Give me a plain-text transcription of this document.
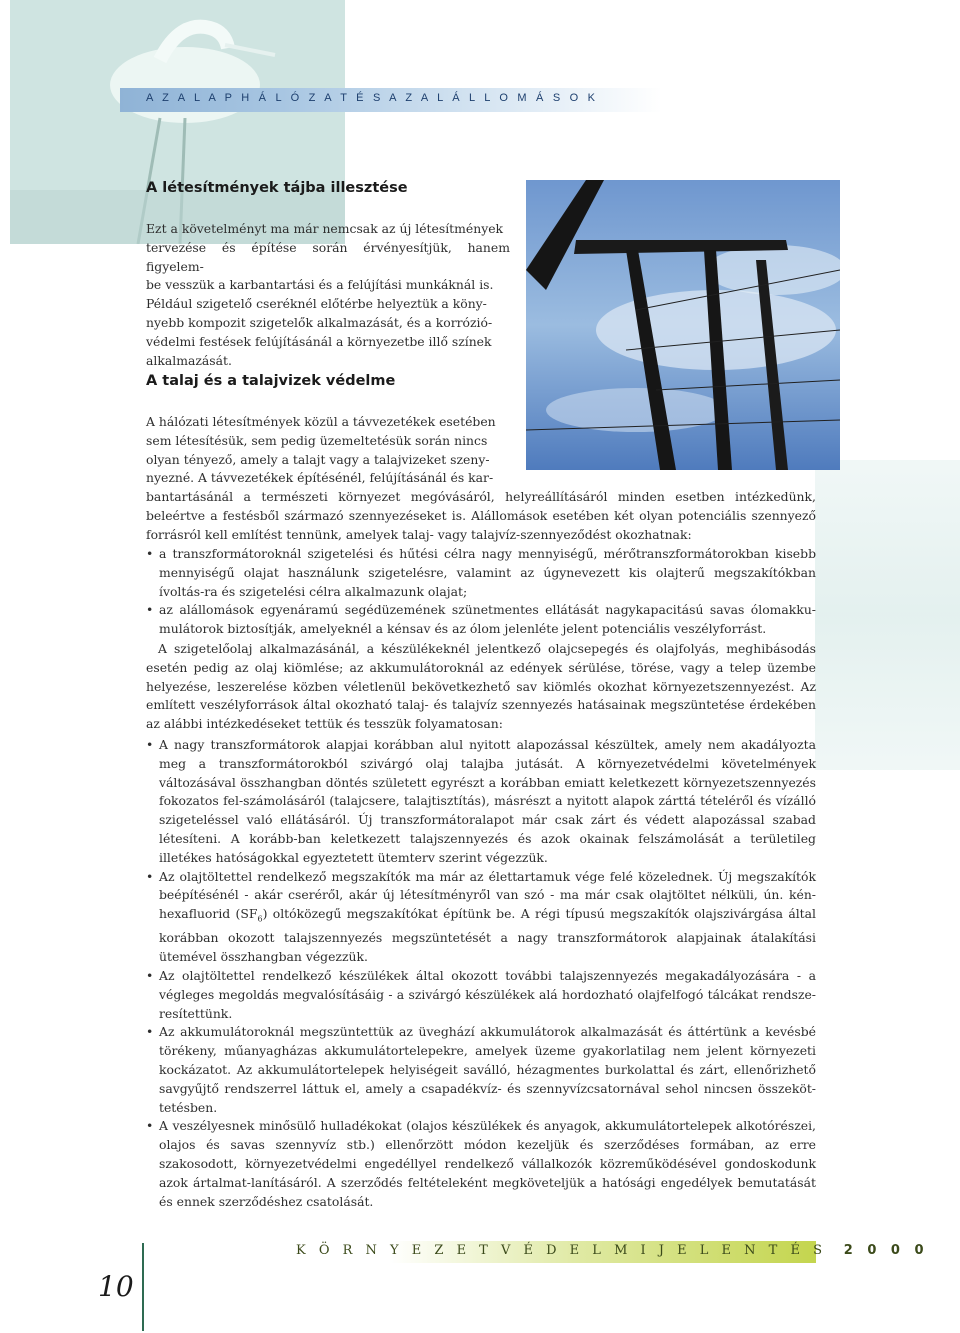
A Z A L A P H Á L Ó Z A T É S A Z A L Á L L O M Á S O K
A létesítmények tájba illesztése
Ezt a követelményt ma már nemcsak az új létesítmények
tervezése és építése során érvényesítjük, hanem figyelem-
be vesszük a karbantartási és a felújítási munkáknál is.
Például szigetelő cseréknél előtérbe helyeztük a köny-
nyebb kompozit szigetelők alkalmazását, és a korrózió-
védelmi festések felújításánál a környezetbe illő színek
alkalmazását.
A talaj és a talajvizek védelme
A hálózati létesítmények közül a távvezetékek esetében
sem létesítésük, sem pedig üzemeltetésük során nincs
olyan tényező, amely a talajt vagy a talajvizeket szeny-
nyezné. A távvezetékek építésénél, felújításánál és kar-

bantartásánál a természeti környezet megóvásáról, helyreállításáról minden esetben intézkedünk, beleértve a festésből származó szennyezéseket is. Alállomások esetében két olyan potenciális szennyező forrásról kell említést tennünk, amelyek talaj- vagy talajvíz-szennyeződést okozhatnak:

• a transzformátoroknál szigetelési és hűtési célra nagy mennyiségű, mérőtranszformátorokban kisebb mennyiségű olajat használunk szigetelésre, valamint az úgynevezett kis olajterű megszakítókban ívoltás-ra és szigetelési célra alkalmazunk olajat;
• az alállomások egyenáramú segédüzemének szünetmentes ellátását nagykapacitású savas ólomakku-mulátorok biztosítják, amelyeknél a kénsav és az ólom jelenléte jelent potenciális veszélyforrást.

A szigetelőolaj alkalmazásánál, a készülékeknél jelentkező olajcsepegés és olajfolyás, meghibásodás esetén pedig az olaj kiömlése; az akkumulátoroknál az edények sérülése, törése, vagy a telep üzembe helyezése, leszerelése közben véletlenül bekövetkezhető sav kiömlés okozhat környezetszennyezést. Az említett veszélyforrások által okozható talaj- és talajvíz szennyezés hatásainak megszüntetése érdekében az alábbi intézkedéseket tettük és tesszük folyamatosan:

• A nagy transzformátorok alapjai korábban alul nyitott alapozással készültek, amely nem akadályozta meg a transzformátorokból szivárgó olaj talajba jutását. A környezetvédelmi követelmények változásával összhangban döntés született egyrészt a korábban emiatt keletkezett környezetszennyezés fokozatos fel-számolásáról (talajcsere, talajtisztítás), másrészt a nyitott alapok zárttá tételéről és vízálló szigeteléssel való ellátásáról. Új transzformátoralapot már csak zárt és védett alapozással szabad létesíteni. A korább-ban keletkezett talajszennyezés és azok okainak felszámolását a területileg illetékes hatóságokkal egyeztetett ütemterv szerint végezzük.
• Az olajtöltettel rendelkező megszakítók ma már az élettartamuk vége felé közelednek. Új megszakítók beépítésénél - akár cseréről, akár új létesítményről van szó - ma már csak olajtöltet nélküli, ún. kén-hexafluorid $(SF_6)$ oltóközegű megszakítókat építünk be. A régi típusú megszakítók olajszivárgása által korábban okozott talajszennyezés megszüntetését a nagy transzformátorok alapjainak átalakítási ütemével összhangban végezzük.
• Az olajtöltettel rendelkező készülékek által okozott további talajszennyezés megakadályozására - a végleges megoldás megvalósításáig - a szivárgó készülékek alá hordozható olajfelfogó tálcákat rendsze-resítettünk.
• Az akkumulátoroknál megszüntettük az üveghází akkumulátorok alkalmazását és áttértünk a kevésbé törékeny, műanyagházas akkumulátortelepekre, amelyek üzeme gyakorlatilag nem jelent környezeti kockázatot. Az akkumulátortelepek helyiségeit saválló, hézagmentes burkolattal és zárt, ellenőrizhető savgyűjtő rendszerrel láttuk el, amely a csapadékvíz- és szennyvízcsatornával sehol nincsen összeköt-tetésben.
• A veszélyesnek minősülő hulladékokat (olajos készülékek és anyagok, akkumulátortelepek alkotórészei, olajos és savas szennyvíz stb.) ellenőrzött módon kezeljük és szerződéses formában, az erre szakosodott, környezetvédelmi engedéllyel rendelkező vállalkozók közreműködésével gondoskodunk azok ártalmat-lanításáról. A szerződés feltételeként megköveteljük a hatósági engedélyek bemutatását és ennek szerződéshez csatolását.
K Ö R N Y E Z E T V É D E L M I J E L E N T É S 2 0 0 0
10
